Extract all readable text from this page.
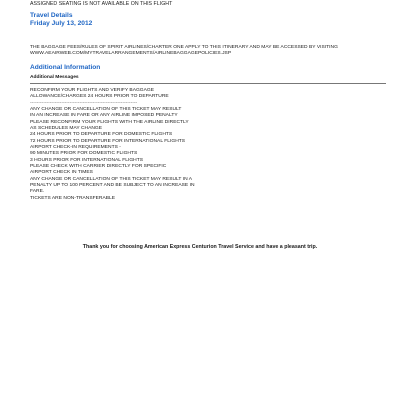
ASSIGNED SEATING IS NOT AVAILABLE ON THIS FLIGHT
Travel Details
Friday July 13, 2012
THE BAGGAGE FEES/RULES OF SPIRIT AIRLINES/CHARTER ONE APPLY TO THIS ITINERARY AND MAY BE ACCESSED BY VISITING
WWW.AEAIRWEB.COM/MYTRAVELARRANGEMENTS/AIRLINEBAGGAGEPOLICIES.JSP
Additional Information
Additional Messages
RECONFIRM YOUR FLIGHTS AND VERIFY BAGGAGE
ALLOWANCE/CHARGES 24 HOURS PRIOR TO DEPARTURE
-----------------------------------------------------------------
ANY CHANGE OR CANCELLATION OF THIS TICKET MAY RESULT
IN AN INCREASE IN FARE OR ANY AIRLINE IMPOSED PENALTY
PLEASE RECONFIRM YOUR FLIGHTS WITH THE AIRLINE DIRECTLY
AS SCHEDULES MAY CHANGE
24 HOURS PRIOR TO DEPARTURE FOR DOMESTIC FLIGHTS
72 HOURS PRIOR TO DEPARTURE FOR INTERNATIONAL FLIGHTS
AIRPORT CHECK-IN REQUIREMENTS -
90 MINUTES PRIOR FOR DOMESTIC FLIGHTS
3 HOURS PRIOR FOR INTERNATIONAL FLIGHTS
PLEASE CHECK WITH CARRIER DIRECTLY FOR SPECIFIC
AIRPORT CHECK IN TIMES
ANY CHANGE OR CANCELLATION OF THIS TICKET MAY RESULT IN A
PENALTY UP TO 100 PERCENT AND BE SUBJECT TO AN INCREASE IN
FARE.
TICKETS ARE NON-TRANSFERABLE
Thank you for choosing American Express Centurion Travel Service and have a pleasant trip.
